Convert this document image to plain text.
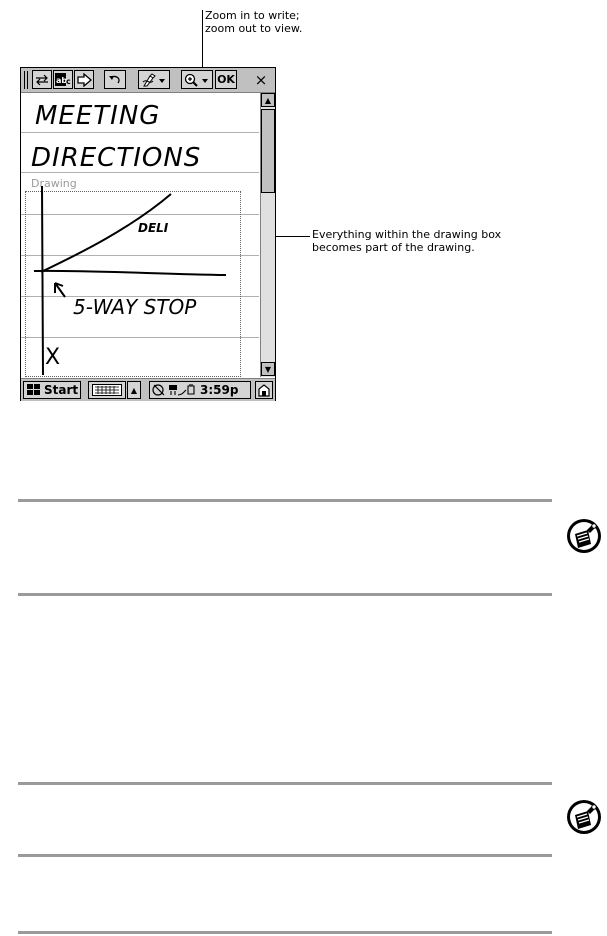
Zoom in to write;
zoom out to view.
Everything within the drawing box
becomes part of the drawing.
ab
c	OK	×
MEETING
DIRECTIONS
Drawing
DELI
5-WAY STOP
X
▲
▼
Start	▲	3:59p
